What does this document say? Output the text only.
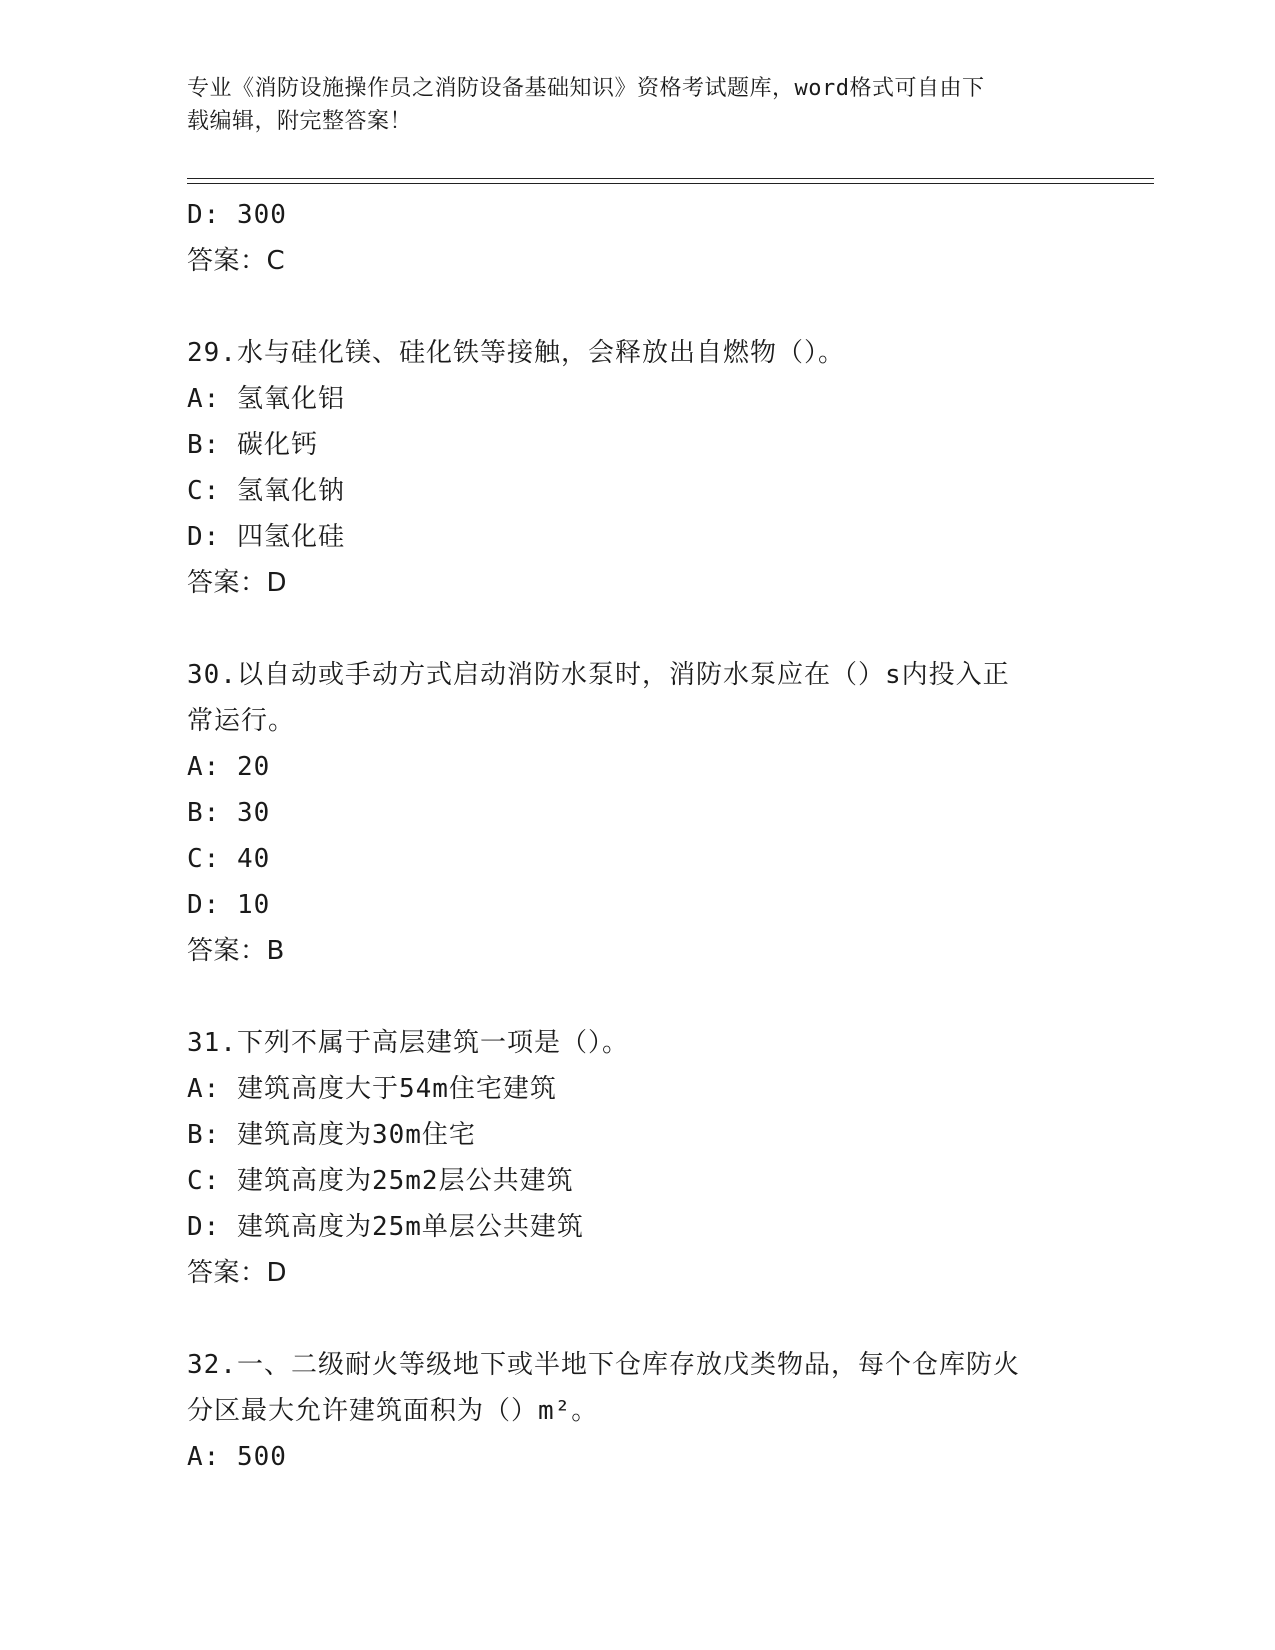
专业《消防设施操作员之消防设备基础知识》资格考试题库，word格式可自由下
载编辑，附完整答案！
D: 300
答案：C
29.水与硅化镁、硅化铁等接触，会释放出自燃物（）。
A: 氢氧化铝
B: 碳化钙
C: 氢氧化钠
D: 四氢化硅
答案：D
30.以自动或手动方式启动消防水泵时，消防水泵应在（）s内投入正
常运行。
A: 20
B: 30
C: 40
D: 10
答案：B
31.下列不属于高层建筑一项是（）。
A: 建筑高度大于54m住宅建筑
B: 建筑高度为30m住宅
C: 建筑高度为25m2层公共建筑
D: 建筑高度为25m单层公共建筑
答案：D
32.一、二级耐火等级地下或半地下仓库存放戊类物品，每个仓库防火
分区最大允许建筑面积为（）m²。
A: 500
